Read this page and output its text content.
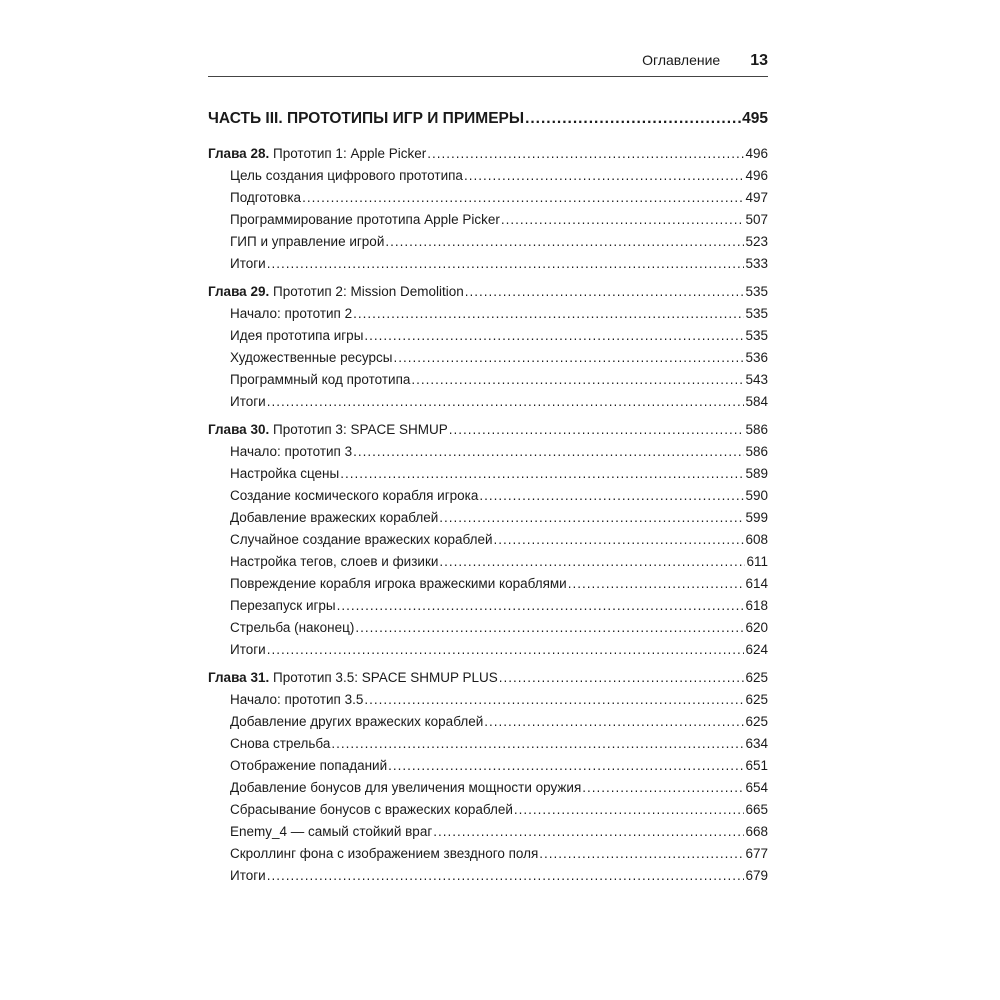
Оглавление 13
ЧАСТЬ III. ПРОТОТИПЫ ИГР И ПРИМЕРЫ .....	495
Глава 28. Прототип 1: Apple Picker .....	496
Цель создания цифрового прототипа .....	496
Подготовка .....	497
Программирование прототипа Apple Picker .....	507
ГИП и управление игрой .....	523
Итоги .....	533
Глава 29. Прототип 2: Mission Demolition .....	535
Начало: прототип 2 .....	535
Идея прототипа игры .....	535
Художественные ресурсы .....	536
Программный код прототипа .....	543
Итоги .....	584
Глава 30. Прототип 3: SPACE SHMUP .....	586
Начало: прототип 3 .....	586
Настройка сцены .....	589
Создание космического корабля игрока .....	590
Добавление вражеских кораблей .....	599
Случайное создание вражеских кораблей .....	608
Настройка тегов, слоев и физики .....	611
Повреждение корабля игрока вражескими кораблями .....	614
Перезапуск игры .....	618
Стрельба (наконец) .....	620
Итоги .....	624
Глава 31. Прототип 3.5: SPACE SHMUP PLUS .....	625
Начало: прототип 3.5 .....	625
Добавление других вражеских кораблей .....	625
Снова стрельба .....	634
Отображение попаданий .....	651
Добавление бонусов для увеличения мощности оружия .....	654
Сбрасывание бонусов с вражеских кораблей .....	665
Enemy_4 — самый стойкий враг .....	668
Скроллинг фона с изображением звездного поля .....	677
Итоги .....	679
